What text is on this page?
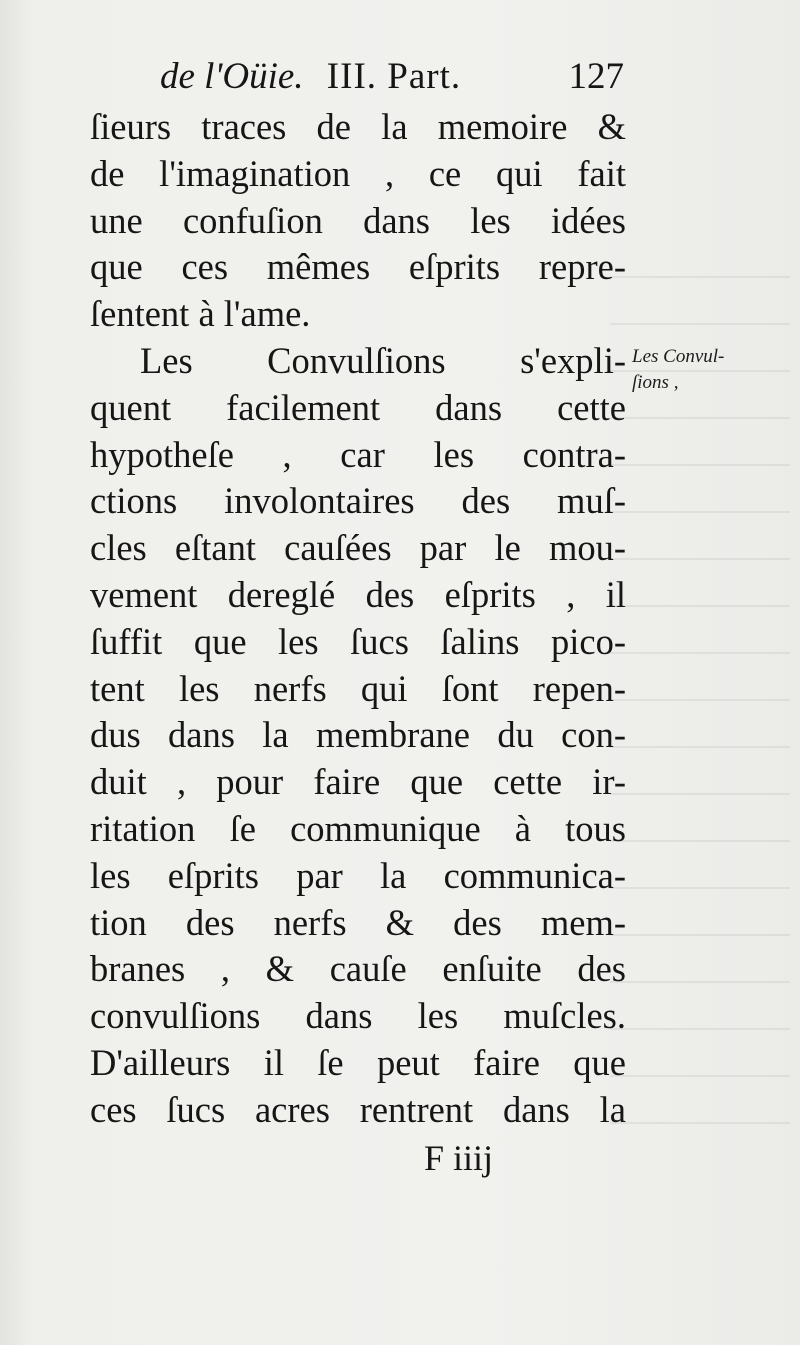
de l'Oüie. III. Part.	127
ſieurs traces de la memoire &
de l'imagination , ce qui fait
une confuſion dans les idées
que ces mêmes eſprits repre-
ſentent à l'ame.
Les Convulſions s'expli-
quent facilement dans cette
hypotheſe , car les contra-
ctions involontaires des muſ-
cles eſtant cauſées par le mou-
vement dereglé des eſprits , il
ſuffit que les ſucs ſalins pico-
tent les nerfs qui ſont repen-
dus dans la membrane du con-
duit , pour faire que cette ir-
ritation ſe communique à tous
les eſprits par la communica-
tion des nerfs & des mem-
branes , & cauſe enſuite des
convulſions dans les muſcles.
D'ailleurs il ſe peut faire que
ces ſucs acres rentrent dans la
Les Convul-
ſions ,
F iiij
